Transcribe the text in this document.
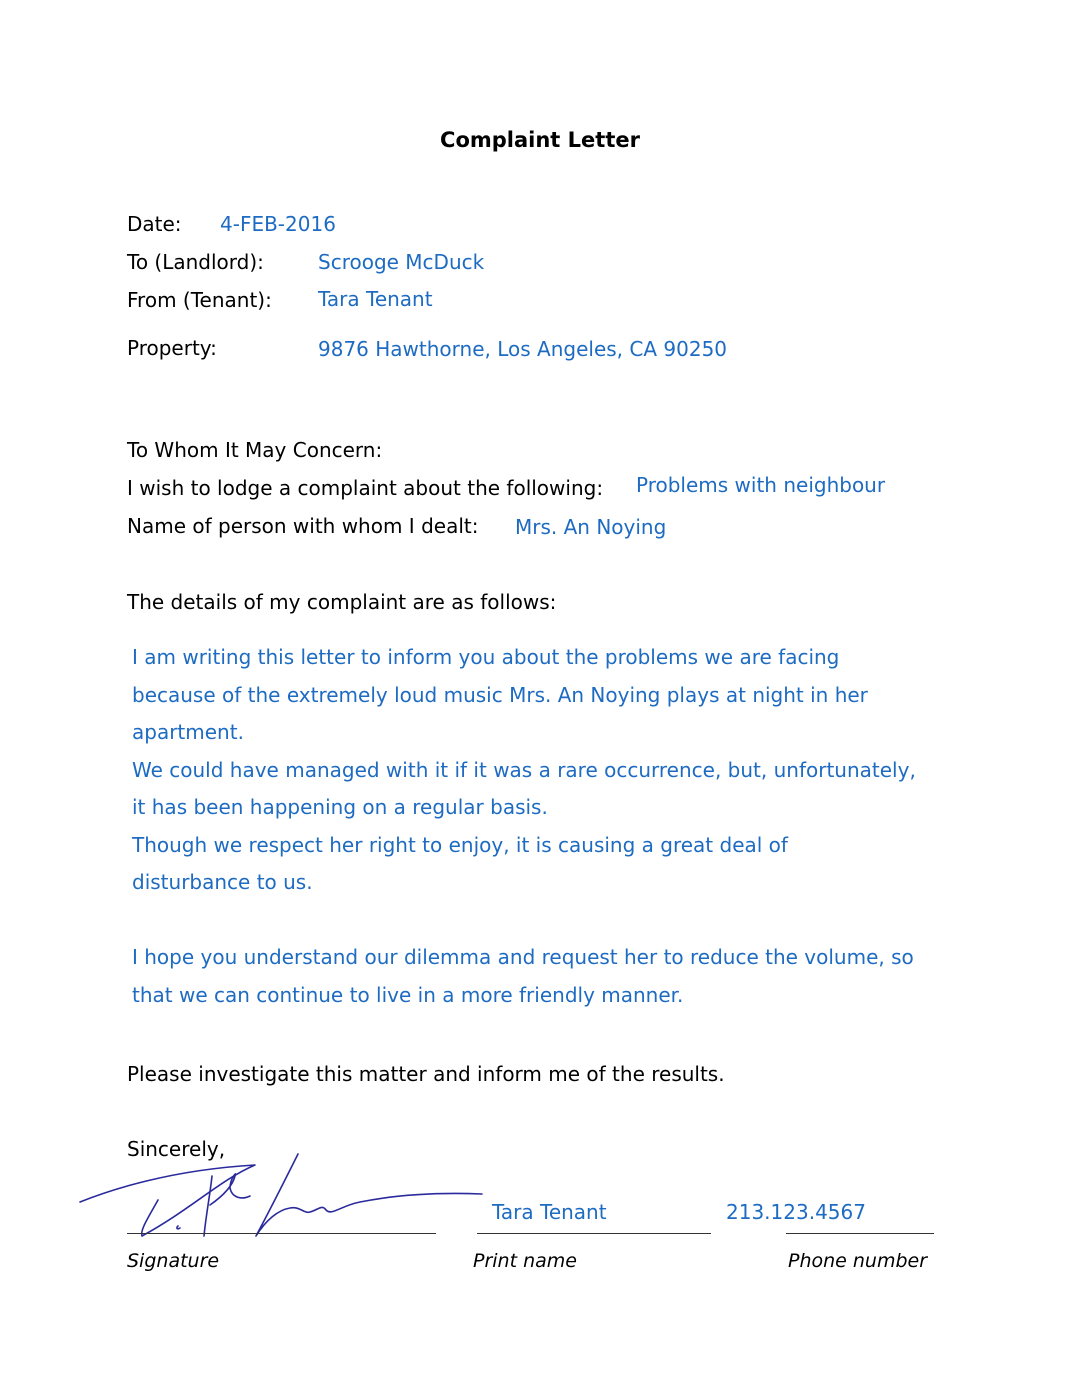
Complaint Letter
Date: 4-FEB-2016
To (Landlord):	Scrooge McDuck
From (Tenant): Tara Tenant
Property:	9876 Hawthorne, Los Angeles, CA 90250
To Whom It May Concern:
I wish to lodge a complaint about the following: Problems with neighbour
Name of person with whom I dealt: Mrs. An Noying
The details of my complaint are as follows:
I am writing this letter to inform you about the problems we are facing
because of the extremely loud music Mrs. An Noying plays at night in her
apartment.
We could have managed with it if it was a rare occurrence, but, unfortunately,
it has been happening on a regular basis.
Though we respect her right to enjoy, it is causing a great deal of
disturbance to us.
I hope you understand our dilemma and request her to reduce the volume, so
that we can continue to live in a more friendly manner.
Please investigate this matter and inform me of the results.
Sincerely,
Tara Tenant	213.123.4567
Signature	Print name	Phone number
